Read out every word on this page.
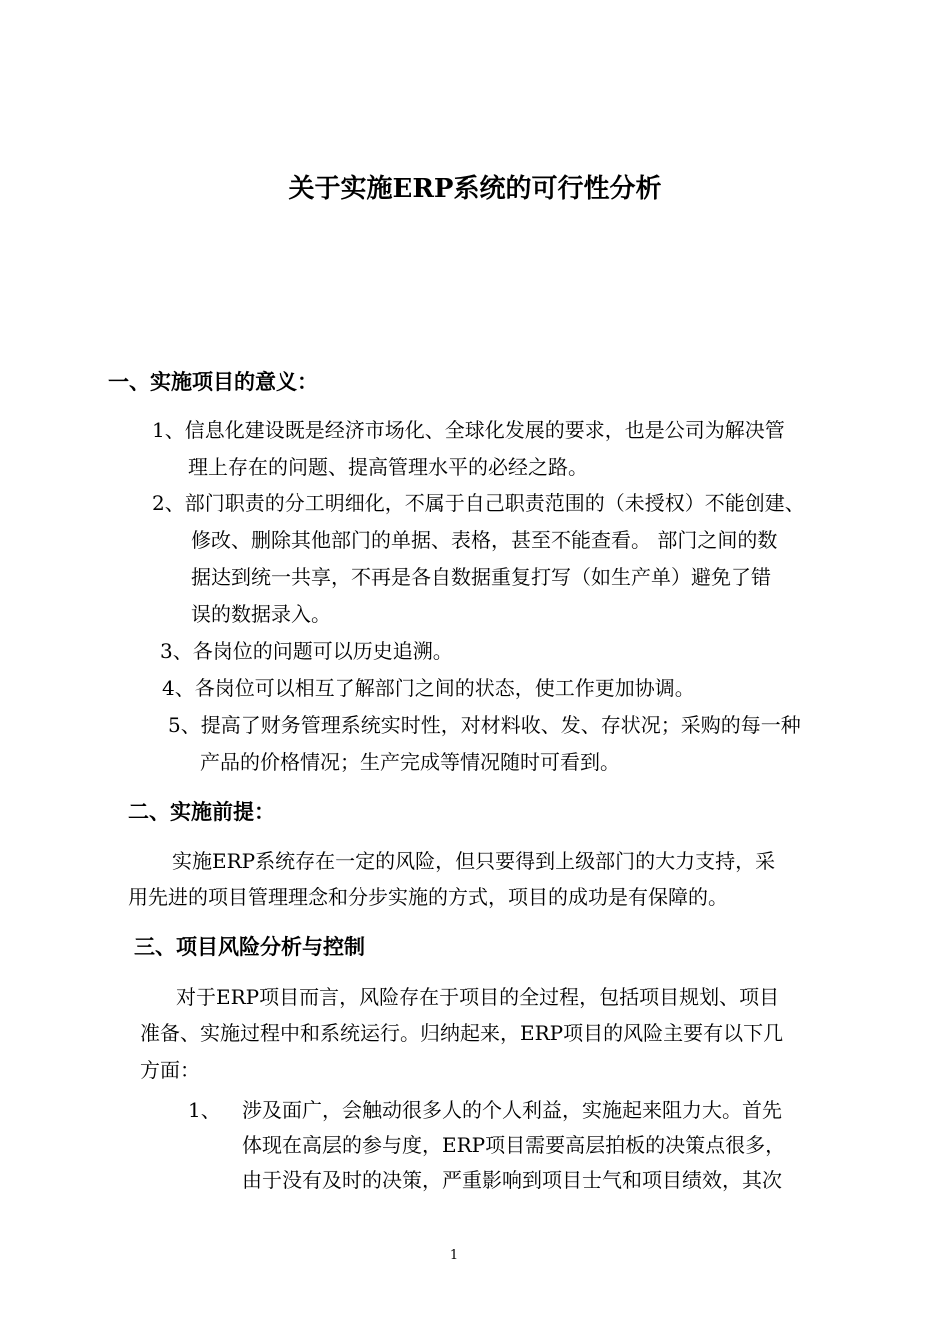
关于实施ERP系统的可行性分析
一、实施项目的意义：
1、信息化建设既是经济市场化、全球化发展的要求，也是公司为解决管
理上存在的问题、提高管理水平的必经之路。
2、部门职责的分工明细化，不属于自己职责范围的（未授权）不能创建、
修改、删除其他部门的单据、表格，甚至不能查看。 部门之间的数
据达到统一共享，不再是各自数据重复打写（如生产单）避免了错
误的数据录入。
3、各岗位的问题可以历史追溯。
4、各岗位可以相互了解部门之间的状态，使工作更加协调。
5、提高了财务管理系统实时性，对材料收、发、存状况；采购的每一种
产品的价格情况；生产完成等情况随时可看到。
二、实施前提：
实施ERP系统存在一定的风险，但只要得到上级部门的大力支持，采
用先进的项目管理理念和分步实施的方式，项目的成功是有保障的。
三、项目风险分析与控制
对于ERP项目而言，风险存在于项目的全过程，包括项目规划、项目
准备、实施过程中和系统运行。归纳起来，ERP项目的风险主要有以下几
方面：
1、 涉及面广，会触动很多人的个人利益，实施起来阻力大。首先
体现在高层的参与度，ERP项目需要高层拍板的决策点很多，
由于没有及时的决策，严重影响到项目士气和项目绩效，其次
1
